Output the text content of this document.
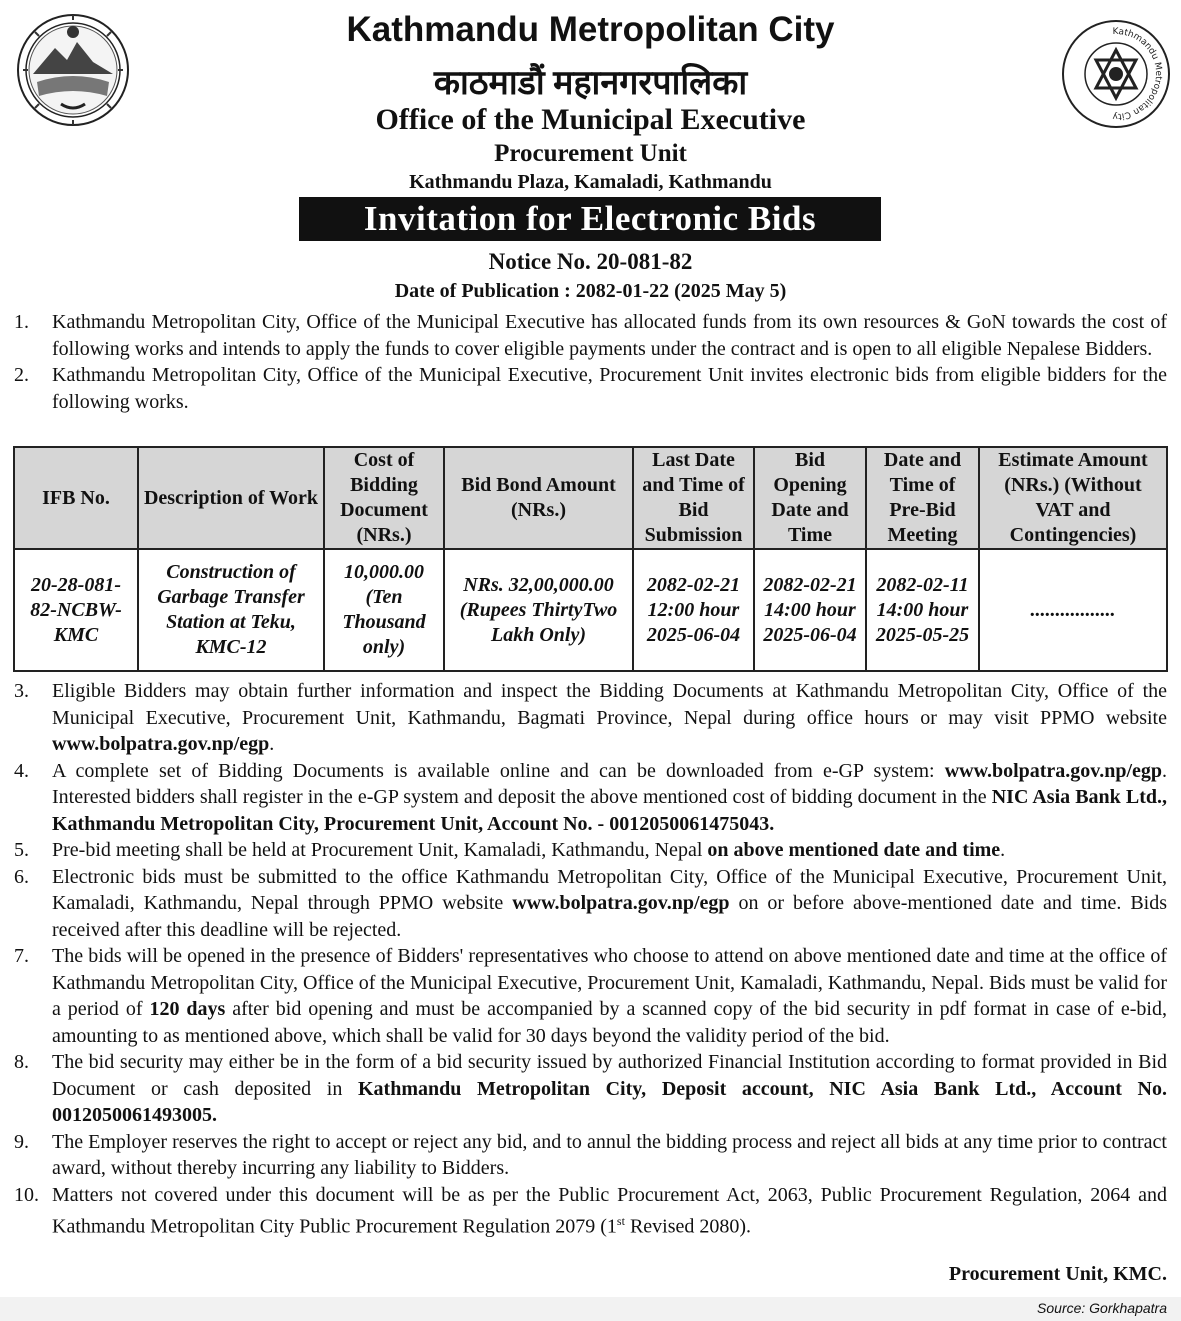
Kathmandu Metropolitan City
काठमाडौं महानगरपालिका
Office of the Municipal Executive
Procurement Unit
Kathmandu Plaza, Kamaladi, Kathmandu
Invitation for Electronic Bids
Notice No. 20-081-82
Date of Publication : 2082-01-22 (2025 May 5)
Kathmandu Metropolitan City
1. Kathmandu Metropolitan City, Office of the Municipal Executive has allocated funds from its own resources & GoN towards the cost of following works and intends to apply the funds to cover eligible payments under the contract and is open to all eligible Nepalese Bidders.
2. Kathmandu Metropolitan City, Office of the Municipal Executive, Procurement Unit invites electronic bids from eligible bidders for the following works.
IFB No.	Description of Work	Cost of Bidding Document (NRs.)	Bid Bond Amount (NRs.)	Last Date and Time of Bid Submission	Bid Opening Date and Time	Date and Time of Pre-Bid Meeting	Estimate Amount (NRs.) (Without VAT and Contingencies)
20-28-081-82-NCBW-KMC	Construction of Garbage Transfer Station at Teku, KMC-12	10,000.00 (Ten Thousand only)	NRs. 32,00,000.00 (Rupees ThirtyTwo Lakh Only)	2082-02-21 12:00 hour 2025-06-04	2082-02-21 14:00 hour 2025-06-04	2082-02-11 14:00 hour 2025-05-25	.................
3. Eligible Bidders may obtain further information and inspect the Bidding Documents at Kathmandu Metropolitan City, Office of the Municipal Executive, Procurement Unit, Kathmandu, Bagmati Province, Nepal during office hours or may visit PPMO website www.bolpatra.gov.np/egp.
4. A complete set of Bidding Documents is available online and can be downloaded from e-GP system: www.bolpatra.gov.np/egp. Interested bidders shall register in the e-GP system and deposit the above mentioned cost of bidding document in the NIC Asia Bank Ltd., Kathmandu Metropolitan City, Procurement Unit, Account No. - 0012050061475043.
5. Pre-bid meeting shall be held at Procurement Unit, Kamaladi, Kathmandu, Nepal on above mentioned date and time.
6. Electronic bids must be submitted to the office Kathmandu Metropolitan City, Office of the Municipal Executive, Procurement Unit, Kamaladi, Kathmandu, Nepal through PPMO website www.bolpatra.gov.np/egp on or before above-mentioned date and time. Bids received after this deadline will be rejected.
7. The bids will be opened in the presence of Bidders' representatives who choose to attend on above mentioned date and time at the office of Kathmandu Metropolitan City, Office of the Municipal Executive, Procurement Unit, Kamaladi, Kathmandu, Nepal. Bids must be valid for a period of 120 days after bid opening and must be accompanied by a scanned copy of the bid security in pdf format in case of e-bid, amounting to as mentioned above, which shall be valid for 30 days beyond the validity period of the bid.
8. The bid security may either be in the form of a bid security issued by authorized Financial Institution according to format provided in Bid Document or cash deposited in Kathmandu Metropolitan City, Deposit account, NIC Asia Bank Ltd., Account No. 0012050061493005.
9. The Employer reserves the right to accept or reject any bid, and to annul the bidding process and reject all bids at any time prior to contract award, without thereby incurring any liability to Bidders.
10. Matters not covered under this document will be as per the Public Procurement Act, 2063, Public Procurement Regulation, 2064 and Kathmandu Metropolitan City Public Procurement Regulation 2079 (1st Revised 2080).
Procurement Unit, KMC.
Source: Gorkhapatra
